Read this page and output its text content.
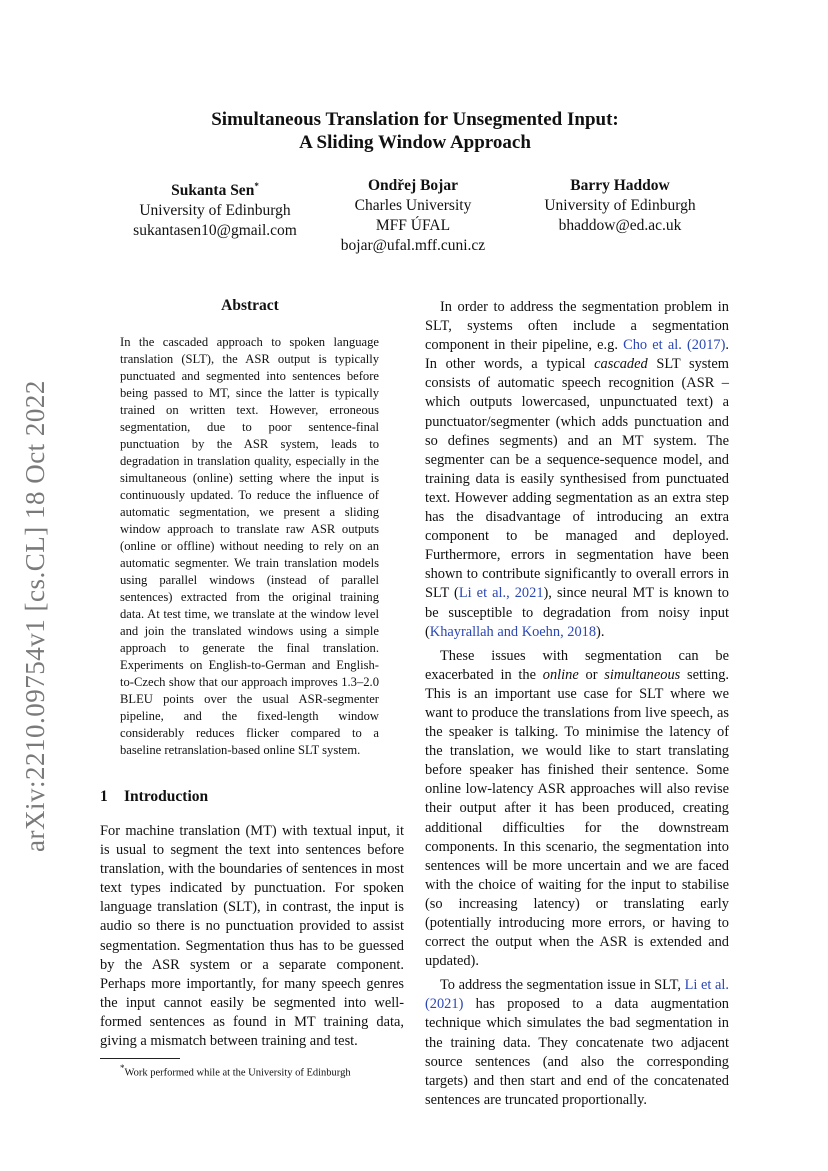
Simultaneous Translation for Unsegmented Input:
A Sliding Window Approach
Sukanta Sen*
University of Edinburgh
sukantasen10@gmail.com
Ondřej Bojar
Charles University
MFF ÚFAL
bojar@ufal.mff.cuni.cz
Barry Haddow
University of Edinburgh
bhaddow@ed.ac.uk
arXiv:2210.09754v1 [cs.CL] 18 Oct 2022
Abstract
In the cascaded approach to spoken language translation (SLT), the ASR output is typically punctuated and segmented into sentences before being passed to MT, since the latter is typically trained on written text. However, erroneous segmentation, due to poor sentence-final punctuation by the ASR system, leads to degradation in translation quality, especially in the simultaneous (online) setting where the input is continuously updated. To reduce the influence of automatic segmentation, we present a sliding window approach to translate raw ASR outputs (online or offline) without needing to rely on an automatic segmenter. We train translation models using parallel windows (instead of parallel sentences) extracted from the original training data. At test time, we translate at the window level and join the translated windows using a simple approach to generate the final translation. Experiments on English-to-German and English-to-Czech show that our approach improves 1.3–2.0 BLEU points over the usual ASR-segmenter pipeline, and the fixed-length window considerably reduces flicker compared to a baseline retranslation-based online SLT system.
1 Introduction

For machine translation (MT) with textual input, it is usual to segment the text into sentences before translation, with the boundaries of sentences in most text types indicated by punctuation. For spoken language translation (SLT), in contrast, the input is audio so there is no punctuation provided to assist segmentation. Segmentation thus has to be guessed by the ASR system or a separate component. Perhaps more importantly, for many speech genres the input cannot easily be segmented into well-formed sentences as found in MT training data, giving a mismatch between training and test.

*Work performed while at the University of Edinburgh

In order to address the segmentation problem in SLT, systems often include a segmentation component in their pipeline, e.g. Cho et al. (2017). In other words, a typical cascaded SLT system consists of automatic speech recognition (ASR – which outputs lowercased, unpunctuated text) a punctuator/segmenter (which adds punctuation and so defines segments) and an MT system. The segmenter can be a sequence-sequence model, and training data is easily synthesised from punctuated text. However adding segmentation as an extra step has the disadvantage of introducing an extra component to be managed and deployed. Furthermore, errors in segmentation have been shown to contribute significantly to overall errors in SLT (Li et al., 2021), since neural MT is known to be susceptible to degradation from noisy input (Khayrallah and Koehn, 2018).

These issues with segmentation can be exacerbated in the online or simultaneous setting. This is an important use case for SLT where we want to produce the translations from live speech, as the speaker is talking. To minimise the latency of the translation, we would like to start translating before speaker has finished their sentence. Some online low-latency ASR approaches will also revise their output after it has been produced, creating additional difficulties for the downstream components. In this scenario, the segmentation into sentences will be more uncertain and we are faced with the choice of waiting for the input to stabilise (so increasing latency) or translating early (potentially introducing more errors, or having to correct the output when the ASR is extended and updated).

To address the segmentation issue in SLT, Li et al. (2021) has proposed to a data augmentation technique which simulates the bad segmentation in the training data. They concatenate two adjacent source sentences (and also the corresponding targets) and then start and end of the concatenated sentences are truncated proportionally.
